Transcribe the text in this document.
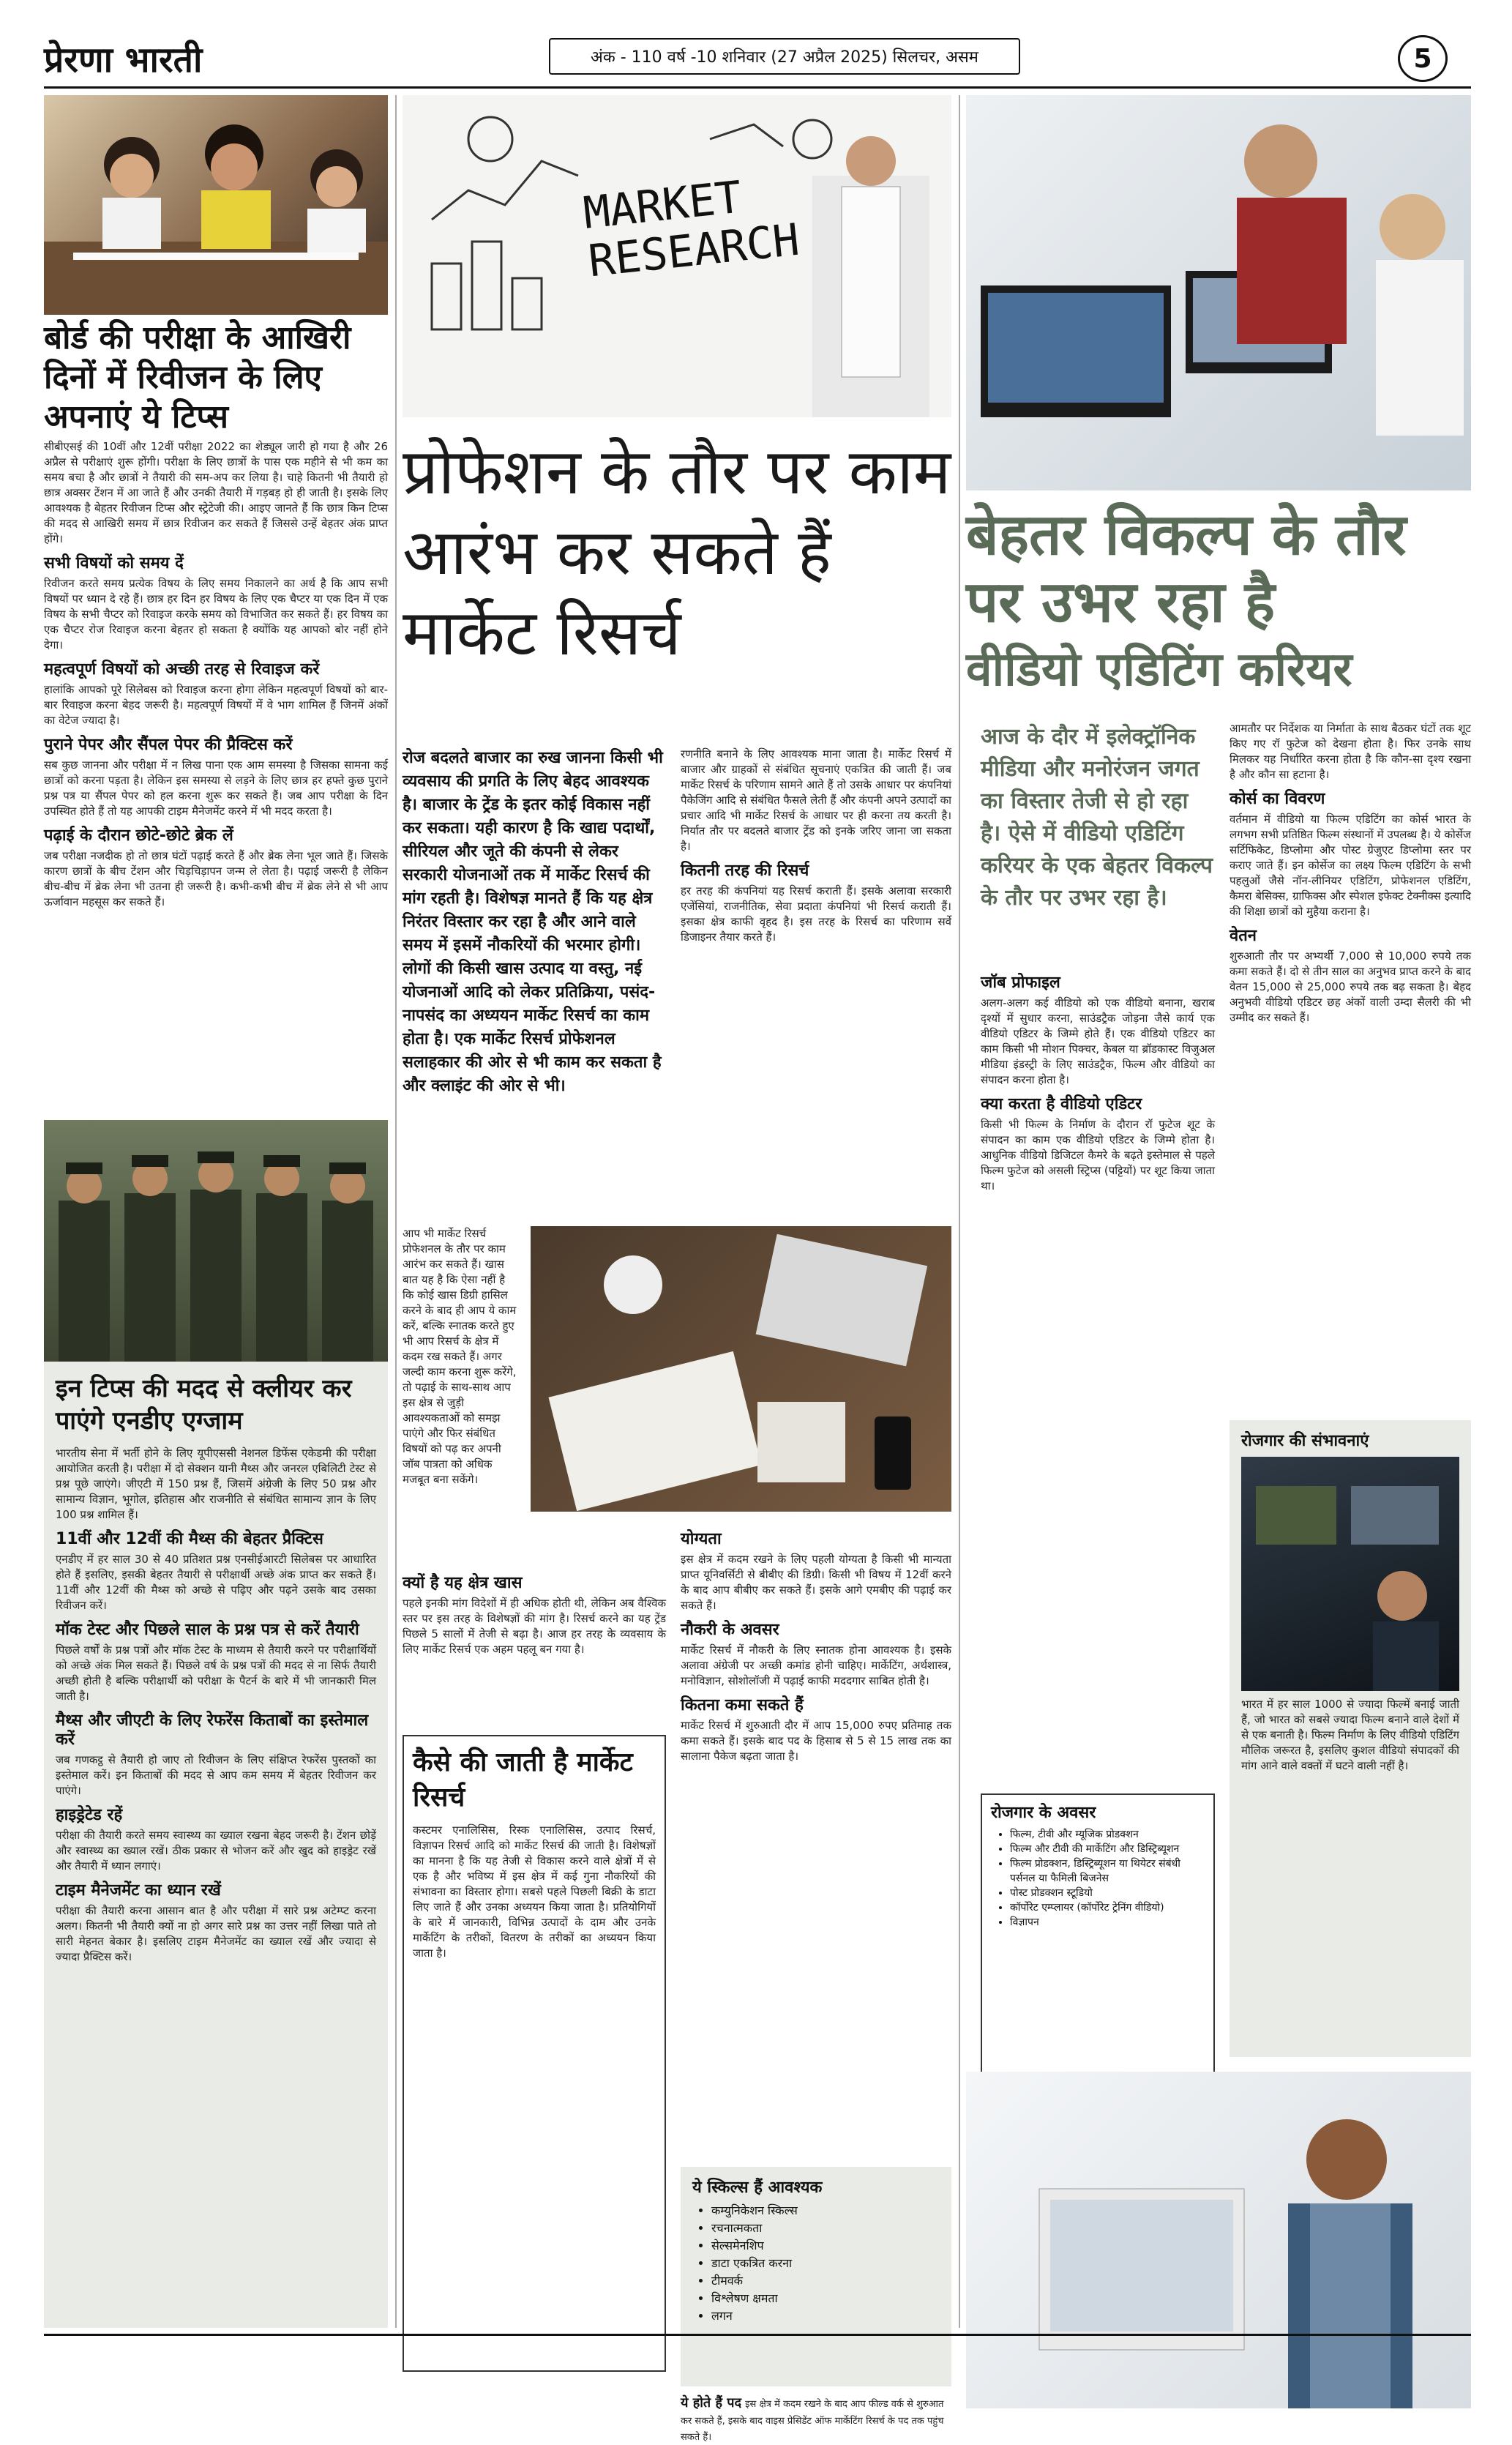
प्रेरणा भारती	अंक - 110 वर्ष -10 शनिवार (27 अप्रैल 2025) सिलचर, असम	5
बोर्ड की परीक्षा के आखिरी दिनों में रिवीजन के लिए अपनाएं ये टिप्स

सीबीएसई की 10वीं और 12वीं परीक्षा 2022 का शेड्यूल जारी हो गया है और 26 अप्रैल से परीक्षाएं शुरू होंगी। परीक्षा के लिए छात्रों के पास एक महीने से भी कम का समय बचा है और छात्रों ने तैयारी की सम-अप कर लिया है। चाहे कितनी भी तैयारी हो छात्र अक्सर टेंशन में आ जाते हैं और उनकी तैयारी में गड़बड़ हो ही जाती है। इसके लिए आवश्यक है बेहतर रिवीजन टिप्स और स्ट्रेटेजी की। आइए जानते हैं कि छात्र किन टिप्स की मदद से आखिरी समय में छात्र रिवीजन कर सकते हैं जिससे उन्हें बेहतर अंक प्राप्त होंगे।

सभी विषयों को समय दें

रिवीजन करते समय प्रत्येक विषय के लिए समय निकालने का अर्थ है कि आप सभी विषयों पर ध्यान दे रहे हैं। छात्र हर दिन हर विषय के लिए एक चैप्टर या एक दिन में एक विषय के सभी चैप्टर को रिवाइज करके समय को विभाजित कर सकते हैं। हर विषय का एक चैप्टर रोज रिवाइज करना बेहतर हो सकता है क्योंकि यह आपको बोर नहीं होने देगा।

महत्वपूर्ण विषयों को अच्छी तरह से रिवाइज करें

हालांकि आपको पूरे सिलेबस को रिवाइज करना होगा लेकिन महत्वपूर्ण विषयों को बार-बार रिवाइज करना बेहद जरूरी है। महत्वपूर्ण विषयों में वे भाग शामिल हैं जिनमें अंकों का वेटेज ज्यादा है।

पुराने पेपर और सैंपल पेपर की प्रैक्टिस करें

सब कुछ जानना और परीक्षा में न लिख पाना एक आम समस्या है जिसका सामना कई छात्रों को करना पड़ता है। लेकिन इस समस्या से लड़ने के लिए छात्र हर हफ्ते कुछ पुराने प्रश्न पत्र या सैंपल पेपर को हल करना शुरू कर सकते हैं। जब आप परीक्षा के दिन उपस्थित होते हैं तो यह आपकी टाइम मैनेजमेंट करने में भी मदद करता है।

पढ़ाई के दौरान छोटे-छोटे ब्रेक लें

जब परीक्षा नजदीक हो तो छात्र घंटों पढ़ाई करते हैं और ब्रेक लेना भूल जाते हैं। जिसके कारण छात्रों के बीच टेंशन और चिड़चिड़ापन जन्म ले लेता है। पढ़ाई जरूरी है लेकिन बीच-बीच में ब्रेक लेना भी उतना ही जरूरी है। कभी-कभी बीच में ब्रेक लेने से भी आप ऊर्जावान महसूस कर सकते हैं।

इन टिप्स की मदद से क्लीयर कर पाएंगे एनडीए एग्जाम

भारतीय सेना में भर्ती होने के लिए यूपीएससी नेशनल डिफेंस एकेडमी की परीक्षा आयोजित करती है। परीक्षा में दो सेक्शन यानी मैथ्स और जनरल एबिलिटी टेस्ट से प्रश्न पूछे जाएंगे। जीएटी में 150 प्रश्न हैं, जिसमें अंग्रेजी के लिए 50 प्रश्न और सामान्य विज्ञान, भूगोल, इतिहास और राजनीति से संबंधित सामान्य ज्ञान के लिए 100 प्रश्न शामिल हैं।

11वीं और 12वीं की मैथ्स की बेहतर प्रैक्टिस

एनडीए में हर साल 30 से 40 प्रतिशत प्रश्न एनसीईआरटी सिलेबस पर आधारित होते हैं इसलिए, इसकी बेहतर तैयारी से परीक्षार्थी अच्छे अंक प्राप्त कर सकते हैं। 11वीं और 12वीं की मैथ्स को अच्छे से पढ़िए और पढ़ने उसके बाद उसका रिवीजन करें।

मॉक टेस्ट और पिछले साल के प्रश्न पत्र से करें तैयारी

पिछले वर्षों के प्रश्न पत्रों और मॉक टेस्ट के माध्यम से तैयारी करने पर परीक्षार्थियों को अच्छे अंक मिल सकते हैं। पिछले वर्ष के प्रश्न पत्रों की मदद से ना सिर्फ तैयारी अच्छी होती है बल्कि परीक्षार्थी को परीक्षा के पैटर्न के बारे में भी जानकारी मिल जाती है।

मैथ्स और जीएटी के लिए रेफरेंस किताबों का इस्तेमाल करें

जब गणकट्ठ से तैयारी हो जाए तो रिवीजन के लिए संक्षिप्त रेफरेंस पुस्तकों का इस्तेमाल करें। इन किताबों की मदद से आप कम समय में बेहतर रिवीजन कर पाएंगे।

हाइड्रेटेड रहें

परीक्षा की तैयारी करते समय स्वास्थ्य का ख्याल रखना बेहद जरूरी है। टेंशन छोड़ें और स्वास्थ्य का ख्याल रखें। ठीक प्रकार से भोजन करें और खुद को हाइड्रेट रखें और तैयारी में ध्यान लगाएं।

टाइम मैनेजमेंट का ध्यान रखें

परीक्षा की तैयारी करना आसान बात है और परीक्षा में सारे प्रश्न अटेम्प्ट करना अलग। कितनी भी तैयारी क्यों ना हो अगर सारे प्रश्न का उत्तर नहीं लिखा पाते तो सारी मेहनत बेकार है। इसलिए टाइम मैनेजमेंट का ख्याल रखें और ज्यादा से ज्यादा प्रैक्टिस करें।

MARKET RESEARCH
प्रोफेशन के तौर पर काम आरंभ कर सकते हैं मार्केट रिसर्च
रोज बदलते बाजार का रुख जानना किसी भी व्यवसाय की प्रगति के लिए बेहद आवश्यक है। बाजार के ट्रेंड के इतर कोई विकास नहीं कर सकता। यही कारण है कि खाद्य पदार्थों, सीरियल और जूते की कंपनी से लेकर सरकारी योजनाओं तक में मार्केट रिसर्च की मांग रहती है। विशेषज्ञ मानते हैं कि यह क्षेत्र निरंतर विस्तार कर रहा है और आने वाले समय में इसमें नौकरियों की भरमार होगी। लोगों की किसी खास उत्पाद या वस्तु, नई योजनाओं आदि को लेकर प्रतिक्रिया, पसंद-नापसंद का अध्ययन मार्केट रिसर्च का काम होता है। एक मार्केट रिसर्च प्रोफेशनल सलाहकार की ओर से भी काम कर सकता है और क्लाइंट की ओर से भी।

रणनीति बनाने के लिए आवश्यक माना जाता है। मार्केट रिसर्च में बाजार और ग्राहकों से संबंधित सूचनाएं एकत्रित की जाती हैं। जब मार्केट रिसर्च के परिणाम सामने आते हैं तो उसके आधार पर कंपनियां पैकेजिंग आदि से संबंधित फैसले लेती हैं और कंपनी अपने उत्पादों का प्रचार आदि भी मार्केट रिसर्च के आधार पर ही करना तय करती है। निर्यात तौर पर बदलते बाजार ट्रेंड को इनके जरिए जाना जा सकता है।

कितनी तरह की रिसर्च

हर तरह की कंपनियां यह रिसर्च कराती हैं। इसके अलावा सरकारी एजेंसियां, राजनीतिक, सेवा प्रदाता कंपनियां भी रिसर्च कराती हैं। इसका क्षेत्र काफी वृहद है। इस तरह के रिसर्च का परिणाम सर्वे डिजाइनर तैयार करते हैं।

आप भी मार्केट रिसर्च प्रोफेशनल के तौर पर काम आरंभ कर सकते हैं। खास बात यह है कि ऐसा नहीं है कि कोई खास डिग्री हासिल करने के बाद ही आप ये काम करें, बल्कि स्नातक करते हुए भी आप रिसर्च के क्षेत्र में कदम रख सकते हैं। अगर जल्दी काम करना शुरू करेंगे, तो पढ़ाई के साथ-साथ आप इस क्षेत्र से जुड़ी आवश्यकताओं को समझ पाएंगे और फिर संबंधित विषयों को पढ़ कर अपनी जॉब पात्रता को अधिक मजबूत बना सकेंगे।

क्यों है यह क्षेत्र खास

पहले इनकी मांग विदेशों में ही अधिक होती थी, लेकिन अब वैश्विक स्तर पर इस तरह के विशेषज्ञों की मांग है। रिसर्च करने का यह ट्रेंड पिछले 5 सालों में तेजी से बढ़ा है। आज हर तरह के व्यवसाय के लिए मार्केट रिसर्च एक अहम पहलू बन गया है।

कैसे की जाती है मार्केट रिसर्च

कस्टमर एनालिसिस, रिस्क एनालिसिस, उत्पाद रिसर्च, विज्ञापन रिसर्च आदि को मार्केट रिसर्च की जाती है। विशेषज्ञों का मानना है कि यह तेजी से विकास करने वाले क्षेत्रों में से एक है और भविष्य में इस क्षेत्र में कई गुना नौकरियों की संभावना का विस्तार होगा। सबसे पहले पिछली बिक्री के डाटा लिए जाते हैं और उनका अध्ययन किया जाता है। प्रतियोगियों के बारे में जानकारी, विभिन्न उत्पादों के दाम और उनके मार्केटिंग के तरीकों, वितरण के तरीकों का अध्ययन किया जाता है।

योग्यता

इस क्षेत्र में कदम रखने के लिए पहली योग्यता है किसी भी मान्यता प्राप्त यूनिवर्सिटी से बीबीए की डिग्री। किसी भी विषय में 12वीं करने के बाद आप बीबीए कर सकते हैं। इसके आगे एमबीए की पढ़ाई कर सकते हैं।

नौकरी के अवसर

मार्केट रिसर्च में नौकरी के लिए स्नातक होना आवश्यक है। इसके अलावा अंग्रेजी पर अच्छी कमांड होनी चाहिए। मार्केटिंग, अर्थशास्त्र, मनोविज्ञान, सोशोलॉजी में पढ़ाई काफी मददगार साबित होती है।

कितना कमा सकते हैं

मार्केट रिसर्च में शुरुआती दौर में आप 15,000 रुपए प्रतिमाह तक कमा सकते हैं। इसके बाद पद के हिसाब से 5 से 15 लाख तक का सालाना पैकेज बढ़ता जाता है।

ये स्किल्स हैं आवश्यक
• कम्युनिकेशन स्किल्स
• रचनात्मकता
• सेल्समेनशिप
• डाटा एकत्रित करना
• टीमवर्क
• विश्लेषण क्षमता
• लगन
ये होते हैं पद इस क्षेत्र में कदम रखने के बाद आप फील्ड वर्क से शुरुआत कर सकते हैं, इसके बाद वाइस प्रेसिडेंट ऑफ मार्केटिंग रिसर्च के पद तक पहुंच सकते हैं।
बेहतर विकल्प के तौर पर उभर रहा है
वीडियो एडिटिंग करियर
आज के दौर में इलेक्ट्रॉनिक मीडिया और मनोरंजन जगत का विस्तार तेजी से हो रहा है। ऐसे में वीडियो एडिटिंग करियर के एक बेहतर विकल्प के तौर पर उभर रहा है।
जॉब प्रोफाइल

अलग-अलग कई वीडियो को एक वीडियो बनाना, खराब दृश्यों में सुधार करना, साउंडट्रैक जोड़ना जैसे कार्य एक वीडियो एडिटर के जिम्मे होते हैं। एक वीडियो एडिटर का काम किसी भी मोशन पिक्चर, केबल या ब्रॉडकास्ट विजुअल मीडिया इंडस्ट्री के लिए साउंडट्रैक, फिल्म और वीडियो का संपादन करना होता है।

क्या करता है वीडियो एडिटर

किसी भी फिल्म के निर्माण के दौरान रॉ फुटेज शूट के संपादन का काम एक वीडियो एडिटर के जिम्मे होता है। आधुनिक वीडियो डिजिटल कैमरे के बढ़ते इस्तेमाल से पहले फिल्म फुटेज को असली स्ट्रिप्स (पट्टियों) पर शूट किया जाता था।

आमतौर पर निर्देशक या निर्माता के साथ बैठकर घंटों तक शूट किए गए रॉ फुटेज को देखना होता है। फिर उनके साथ मिलकर यह निर्धारित करना होता है कि कौन-सा दृश्य रखना है और कौन सा हटाना है।

कोर्स का विवरण

वर्तमान में वीडियो या फिल्म एडिटिंग का कोर्स भारत के लगभग सभी प्रतिष्ठित फिल्म संस्थानों में उपलब्ध है। ये कोर्सेज सर्टिफिकेट, डिप्लोमा और पोस्ट ग्रेजुएट डिप्लोमा स्तर पर कराए जाते हैं। इन कोर्सेज का लक्ष्य फिल्म एडिटिंग के सभी पहलुओं जैसे नॉन-लीनियर एडिटिंग, प्रोफेशनल एडिटिंग, कैमरा बेसिक्स, ग्राफिक्स और स्पेशल इफेक्ट टेक्नीक्स इत्यादि की शिक्षा छात्रों को मुहैया कराना है।

वेतन

शुरुआती तौर पर अभ्यर्थी 7,000 से 10,000 रुपये तक कमा सकते हैं। दो से तीन साल का अनुभव प्राप्त करने के बाद वेतन 15,000 से 25,000 रुपये तक बढ़ सकता है। बेहद अनुभवी वीडियो एडिटर छह अंकों वाली उम्दा सैलरी की भी उम्मीद कर सकते हैं।

रोजगार की संभावनाएं

भारत में हर साल 1000 से ज्यादा फिल्में बनाई जाती हैं, जो भारत को सबसे ज्यादा फिल्म बनाने वाले देशों में से एक बनाती है। फिल्म निर्माण के लिए वीडियो एडिटिंग मौलिक जरूरत है, इसलिए कुशल वीडियो संपादकों की मांग आने वाले वक्तों में घटने वाली नहीं है।

रोजगार के अवसर
• फिल्म, टीवी और म्यूजिक प्रोडक्शन
• फिल्म और टीवी की मार्केटिंग और डिस्ट्रिब्यूशन
• फिल्म प्रोडक्शन, डिस्ट्रिब्यूशन या थियेटर संबंधी पर्सनल या फैमिली बिजनेस
• पोस्ट प्रोडक्शन स्टूडियो
• कॉर्पोरेट एम्प्लायर (कॉर्पोरेट ट्रेनिंग वीडियो)
• विज्ञापन
